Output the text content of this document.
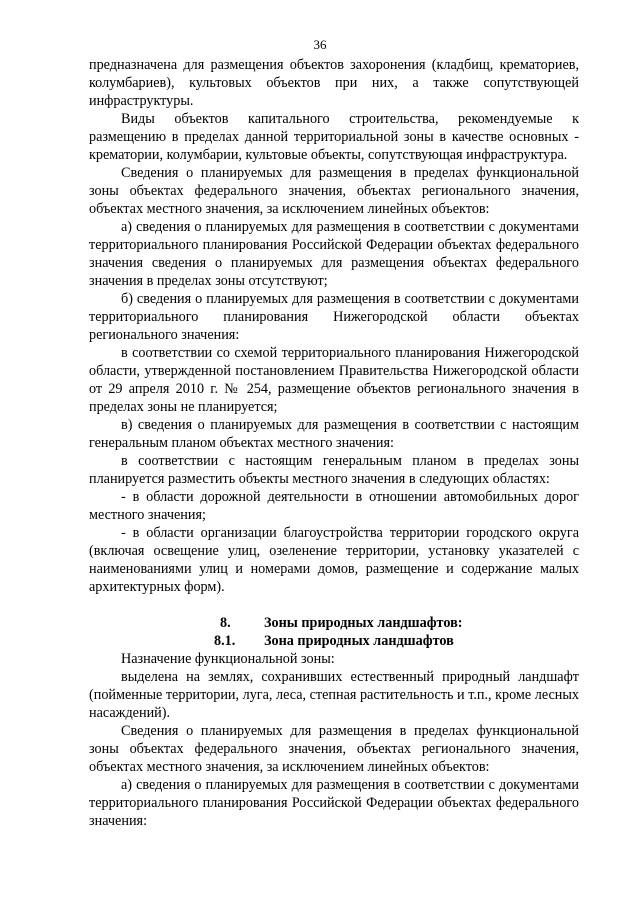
36

предназначена для размещения объектов захоронения (кладбищ, крематориев, колумбариев), культовых объектов при них, а также сопутствующей инфраструктуры.

Виды объектов капитального строительства, рекомендуемые к размещению в пределах данной территориальной зоны в качестве основных - крематории, колумбарии, культовые объекты, сопутствующая инфраструктура.

Сведения о планируемых для размещения в пределах функциональной зоны объектах федерального значения, объектах регионального значения, объектах местного значения, за исключением линейных объектов:

а) сведения о планируемых для размещения в соответствии с документами территориального планирования Российской Федерации объектах федерального значения сведения о планируемых для размещения объектах федерального значения в пределах зоны отсутствуют;

б) сведения о планируемых для размещения в соответствии с документами территориального планирования Нижегородской области объектах регионального значения:

в соответствии со схемой территориального планирования Нижегородской области, утвержденной постановлением Правительства Нижегородской области от 29 апреля 2010 г. № 254, размещение объектов регионального значения в пределах зоны не планируется;

в) сведения о планируемых для размещения в соответствии с настоящим генеральным планом объектах местного значения:

в соответствии с настоящим генеральным планом в пределах зоны планируется разместить объекты местного значения в следующих областях:

- в области дорожной деятельности в отношении автомобильных дорог местного значения;

- в области организации благоустройства территории городского округа (включая освещение улиц, озеленение территории, установку указателей с наименованиями улиц и номерами домов, размещение и содержание малых архитектурных форм).

8. Зоны природных ландшафтов:

8.1. Зона природных ландшафтов

Назначение функциональной зоны:

выделена на землях, сохранивших естественный природный ландшафт (пойменные территории, луга, леса, степная растительность и т.п., кроме лесных насаждений).

Сведения о планируемых для размещения в пределах функциональной зоны объектах федерального значения, объектах регионального значения, объектах местного значения, за исключением линейных объектов:

а) сведения о планируемых для размещения в соответствии с документами территориального планирования Российской Федерации объектах федерального значения:
